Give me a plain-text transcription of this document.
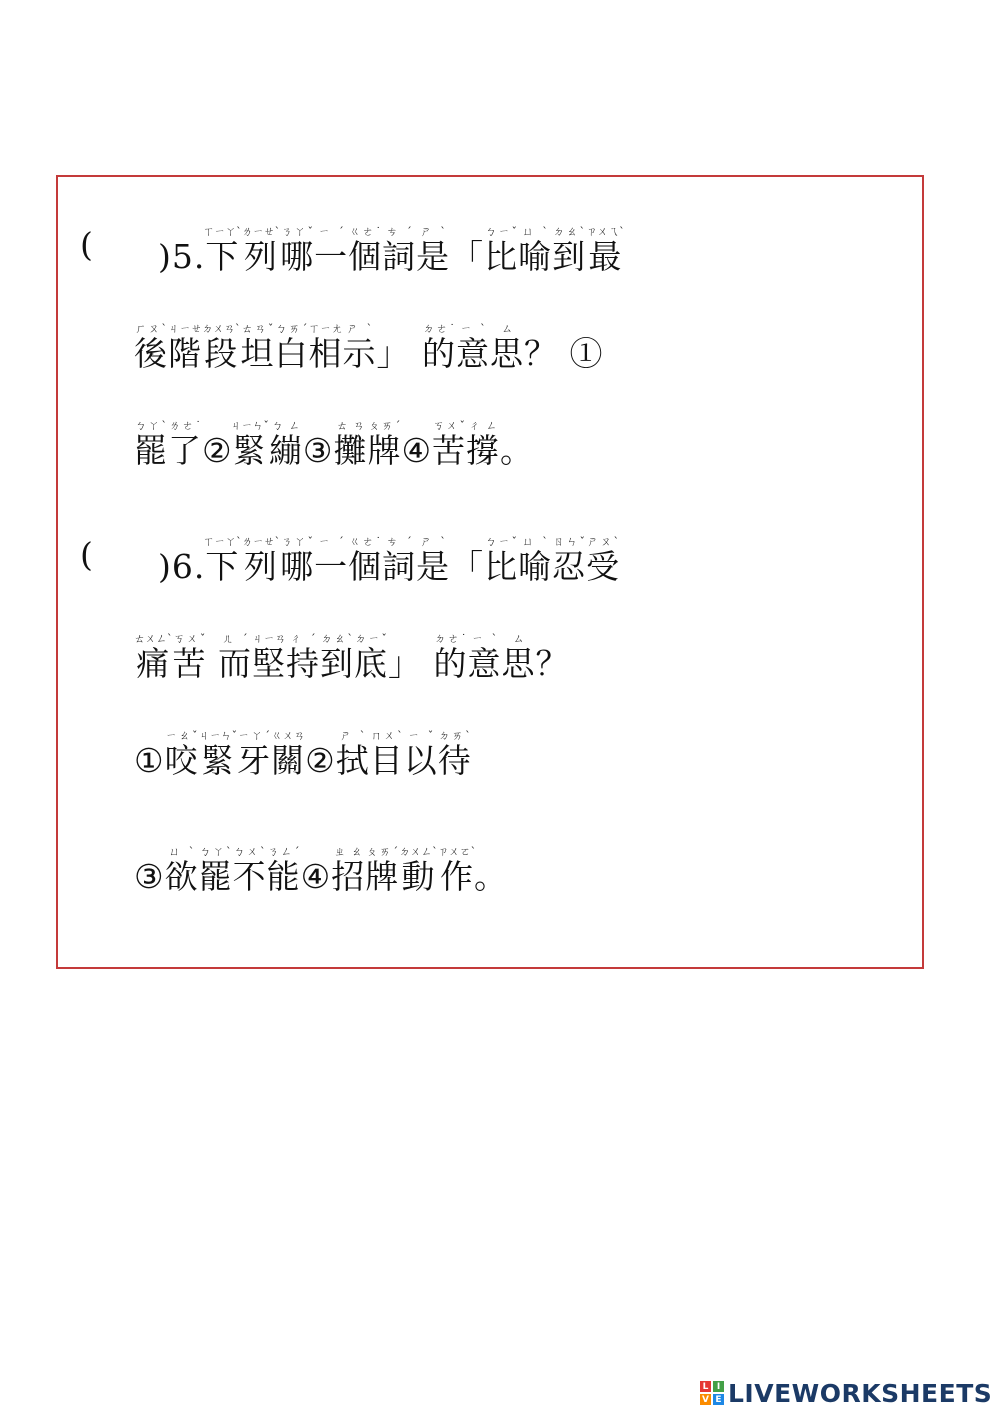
( )5.下ㄒㄧㄚˋ列ㄌㄧㄝˋ哪ㄋㄚˇ一ㄧˊ個ㄍㄜ˙詞ㄘˊ是ㄕˋ「比ㄅㄧˇ喻ㄩˋ到ㄉㄠˋ最ㄗㄨㄟˋ
後ㄏㄡˋ階ㄐㄧㄝ段ㄉㄨㄢˋ坦ㄊㄢˇ白ㄅㄞˊ相ㄒㄧㄤ示ㄕˋ」 的ㄉㄜ˙意ㄧˋ思ㄙ？ ①
罷ㄅㄚˋ了ㄌㄜ˙②緊ㄐㄧㄣˇ繃ㄅㄥ③攤ㄊㄢ牌ㄆㄞˊ④苦ㄎㄨˇ撐ㄔㄥ。
( )6.下ㄒㄧㄚˋ列ㄌㄧㄝˋ哪ㄋㄚˇ一ㄧˊ個ㄍㄜ˙詞ㄘˊ是ㄕˋ「比ㄅㄧˇ喻ㄩˋ忍ㄖㄣˇ受ㄕㄡˋ
痛ㄊㄨㄥˋ苦ㄎㄨˇ 而ㄦˊ堅ㄐㄧㄢ持ㄔˊ到ㄉㄠˋ底ㄉㄧˇ」 的ㄉㄜ˙意ㄧˋ思ㄙ？
①咬ㄧㄠˇ緊ㄐㄧㄣˇ牙ㄧㄚˊ關ㄍㄨㄢ②拭ㄕˋ目ㄇㄨˋ以ㄧˇ待ㄉㄞˋ
③欲ㄩˋ罷ㄅㄚˋ不ㄅㄨˋ能ㄋㄥˊ④招ㄓㄠ牌ㄆㄞˊ動ㄉㄨㄥˋ作ㄗㄨㄛˋ。
L I
V E LIVEWORKSHEETS
